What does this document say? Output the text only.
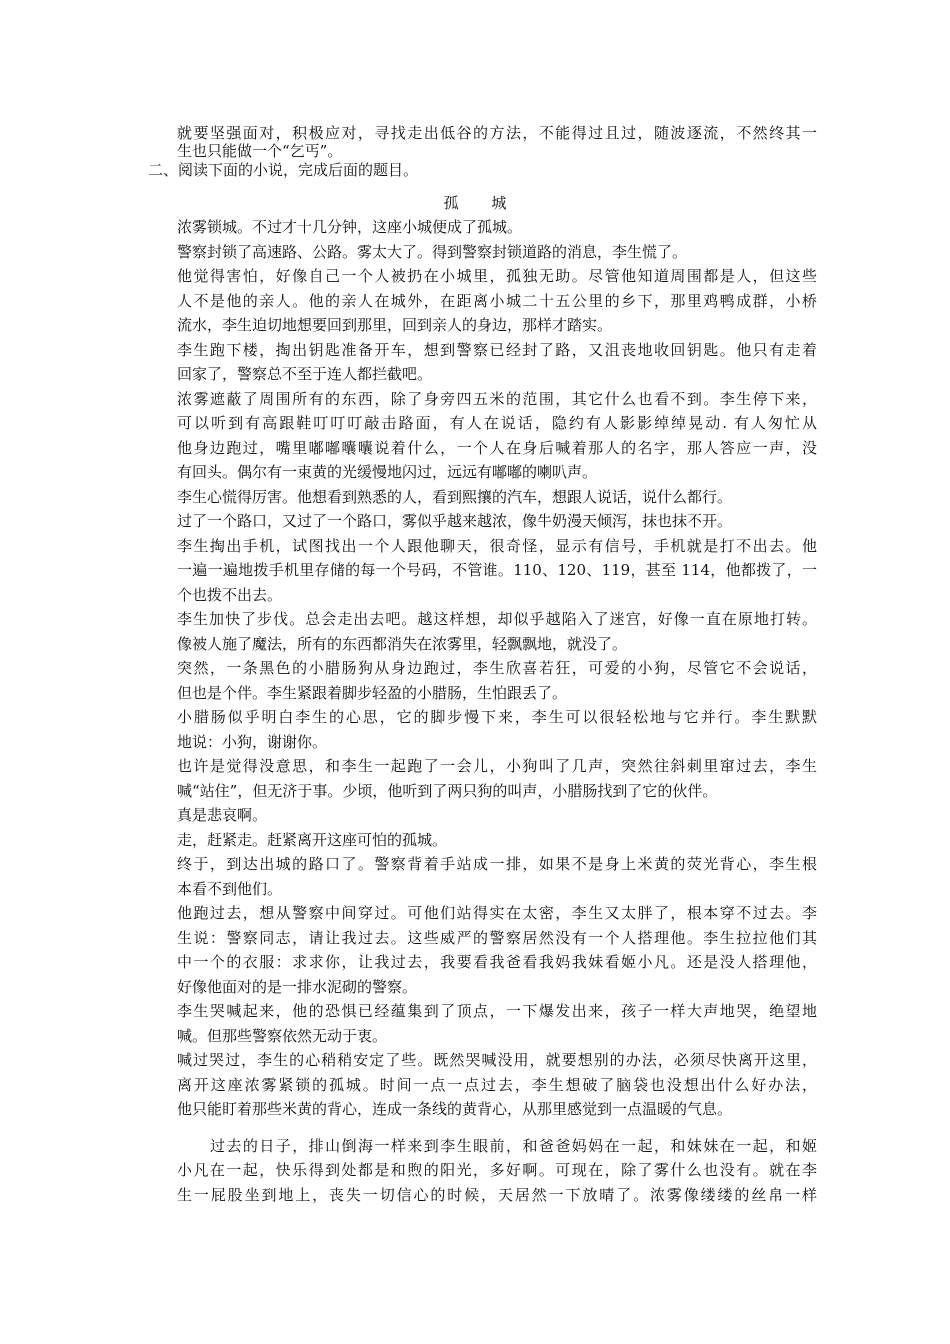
就要坚强面对，积极应对，寻找走出低谷的方法，不能得过且过，随波逐流，不然终其一
生也只能做一个“乞丐”。
二、阅读下面的小说，完成后面的题目。
孤 城
浓雾锁城。不过才十几分钟，这座小城便成了孤城。
警察封锁了高速路、公路。雾太大了。得到警察封锁道路的消息，李生慌了。
他觉得害怕，好像自己一个人被扔在小城里，孤独无助。尽管他知道周围都是人，但这些
人不是他的亲人。他的亲人在城外，在距离小城二十五公里的乡下，那里鸡鸭成群，小桥
流水，李生迫切地想要回到那里，回到亲人的身边，那样才踏实。
李生跑下楼，掏出钥匙准备开车，想到警察已经封了路，又沮丧地收回钥匙。他只有走着
回家了，警察总不至于连人都拦截吧。
浓雾遮蔽了周围所有的东西，除了身旁四五米的范围，其它什么也看不到。李生停下来，
可以听到有高跟鞋叮叮叮敲击路面，有人在说话，隐约有人影影绰绰晃动. 有人匆忙从
他身边跑过，嘴里嘟嘟囔囔说着什么，一个人在身后喊着那人的名字，那人答应一声，没
有回头。偶尔有一束黄的光缓慢地闪过，远远有嘟嘟的喇叭声。
李生心慌得厉害。他想看到熟悉的人，看到熙攘的汽车，想跟人说话，说什么都行。
过了一个路口，又过了一个路口，雾似乎越来越浓，像牛奶漫天倾泻，抹也抹不开。
李生掏出手机，试图找出一个人跟他聊天，很奇怪，显示有信号，手机就是打不出去。他
一遍一遍地拨手机里存储的每一个号码，不管谁。110、120、119，甚至 114，他都拨了，一
个也拨不出去。
李生加快了步伐。总会走出去吧。越这样想，却似乎越陷入了迷宫，好像一直在原地打转。
像被人施了魔法，所有的东西都消失在浓雾里，轻飘飘地，就没了。
突然，一条黑色的小腊肠狗从身边跑过，李生欣喜若狂，可爱的小狗，尽管它不会说话，
但也是个伴。李生紧跟着脚步轻盈的小腊肠，生怕跟丢了。
小腊肠似乎明白李生的心思，它的脚步慢下来，李生可以很轻松地与它并行。李生默默
地说：小狗，谢谢你。
也许是觉得没意思，和李生一起跑了一会儿，小狗叫了几声，突然往斜刺里窜过去，李生
喊“站住”，但无济于事。少顷，他听到了两只狗的叫声，小腊肠找到了它的伙伴。
真是悲哀啊。
走，赶紧走。赶紧离开这座可怕的孤城。
终于，到达出城的路口了。警察背着手站成一排，如果不是身上米黄的荧光背心，李生根
本看不到他们。
他跑过去，想从警察中间穿过。可他们站得实在太密，李生又太胖了，根本穿不过去。李
生说：警察同志，请让我过去。这些威严的警察居然没有一个人搭理他。李生拉拉他们其
中一个的衣服：求求你，让我过去，我要看我爸看我妈我妹看姬小凡。还是没人搭理他，
好像他面对的是一排水泥砌的警察。
李生哭喊起来，他的恐惧已经蕴集到了顶点，一下爆发出来，孩子一样大声地哭，绝望地
喊。但那些警察依然无动于衷。
喊过哭过，李生的心稍稍安定了些。既然哭喊没用，就要想别的办法，必须尽快离开这里，
离开这座浓雾紧锁的孤城。时间一点一点过去，李生想破了脑袋也没想出什么好办法，
他只能盯着那些米黄的背心，连成一条线的黄背心，从那里感觉到一点温暖的气息。
过去的日子，排山倒海一样来到李生眼前，和爸爸妈妈在一起，和妹妹在一起，和姬
小凡在一起，快乐得到处都是和煦的阳光，多好啊。可现在，除了雾什么也没有。就在李
生一屁股坐到地上，丧失一切信心的时候，天居然一下放晴了。浓雾像缕缕的丝帛一样
